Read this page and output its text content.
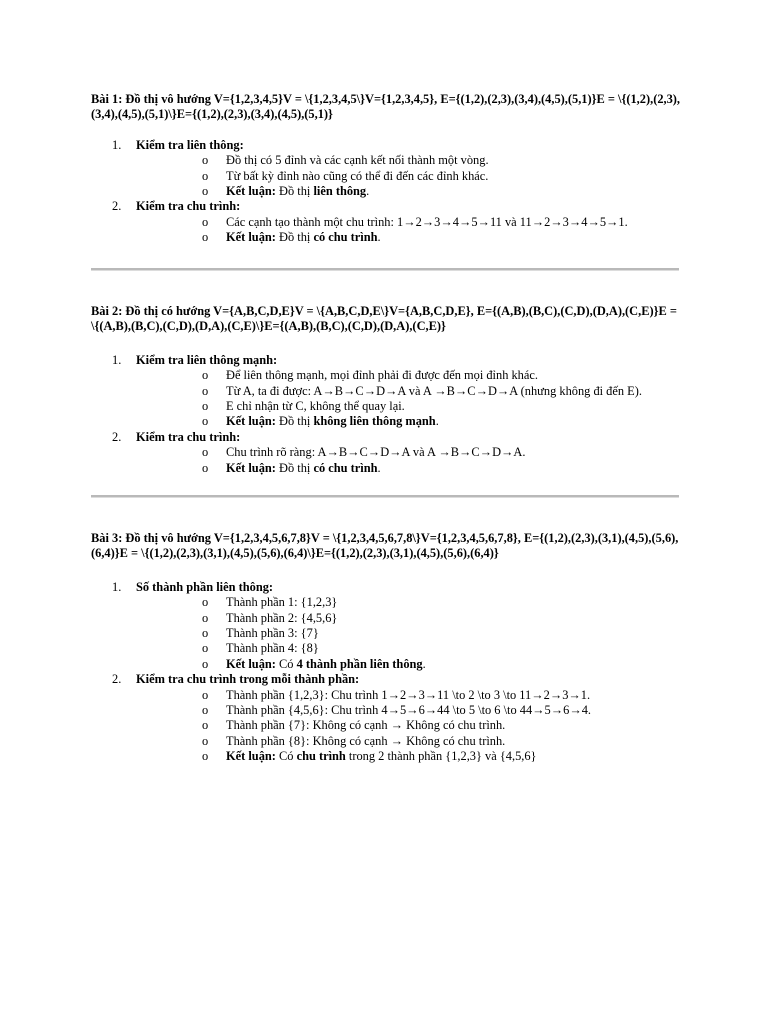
Bài 1: Đồ thị vô hướng V={1,2,3,4,5}V = \{1,2,3,4,5\}V={1,2,3,4,5}, E={(1,2),(2,3),(3,4),(4,5),(5,1)}E = \{(1,2),(2,3),(3,4),(4,5),(5,1)\}E={(1,2),(2,3),(3,4),(4,5),(5,1)}

1. Kiểm tra liên thông:
o Đồ thị có 5 đỉnh và các cạnh kết nối thành một vòng.
o Từ bất kỳ đỉnh nào cũng có thể đi đến các đỉnh khác.
o Kết luận: Đồ thị liên thông.
2. Kiểm tra chu trình:
o Các cạnh tạo thành một chu trình: 1→2→3→4→5→11 và 11→2→3→4→5→1.
o Kết luận: Đồ thị có chu trình.

Bài 2: Đồ thị có hướng V={A,B,C,D,E}V = \{A,B,C,D,E\}V={A,B,C,D,E}, E={(A,B),(B,C),(C,D),(D,A),(C,E)}E = \{(A,B),(B,C),(C,D),(D,A),(C,E)\}E={(A,B),(B,C),(C,D),(D,A),(C,E)}

1. Kiểm tra liên thông mạnh:
o Để liên thông mạnh, mọi đỉnh phải đi được đến mọi đỉnh khác.
o Từ A, ta đi được: A→B→C→D→A và A →B→C→D→A (nhưng không đi đến E).
o E chỉ nhận từ C, không thể quay lại.
o Kết luận: Đồ thị không liên thông mạnh.
2. Kiểm tra chu trình:
o Chu trình rõ ràng: A→B→C→D→A và A →B→C→D→A.
o Kết luận: Đồ thị có chu trình.

Bài 3: Đồ thị vô hướng V={1,2,3,4,5,6,7,8}V = \{1,2,3,4,5,6,7,8\}V={1,2,3,4,5,6,7,8}, E={(1,2),(2,3),(3,1),(4,5),(5,6),(6,4)}E = \{(1,2),(2,3),(3,1),(4,5),(5,6),(6,4)\}E={(1,2),(2,3),(3,1),(4,5),(5,6),(6,4)}

1. Số thành phần liên thông:
o Thành phần 1: {1,2,3}
o Thành phần 2: {4,5,6}
o Thành phần 3: {7}
o Thành phần 4: {8}
o Kết luận: Có 4 thành phần liên thông.
2. Kiểm tra chu trình trong mỗi thành phần:
o Thành phần {1,2,3}: Chu trình 1→2→3→11 \to 2 \to 3 \to 11→2→3→1.
o Thành phần {4,5,6}: Chu trình 4→5→6→44 \to 5 \to 6 \to 44→5→6→4.
o Thành phần {7}: Không có cạnh → Không có chu trình.
o Thành phần {8}: Không có cạnh → Không có chu trình.
o Kết luận: Có chu trình trong 2 thành phần {1,2,3} và {4,5,6}
